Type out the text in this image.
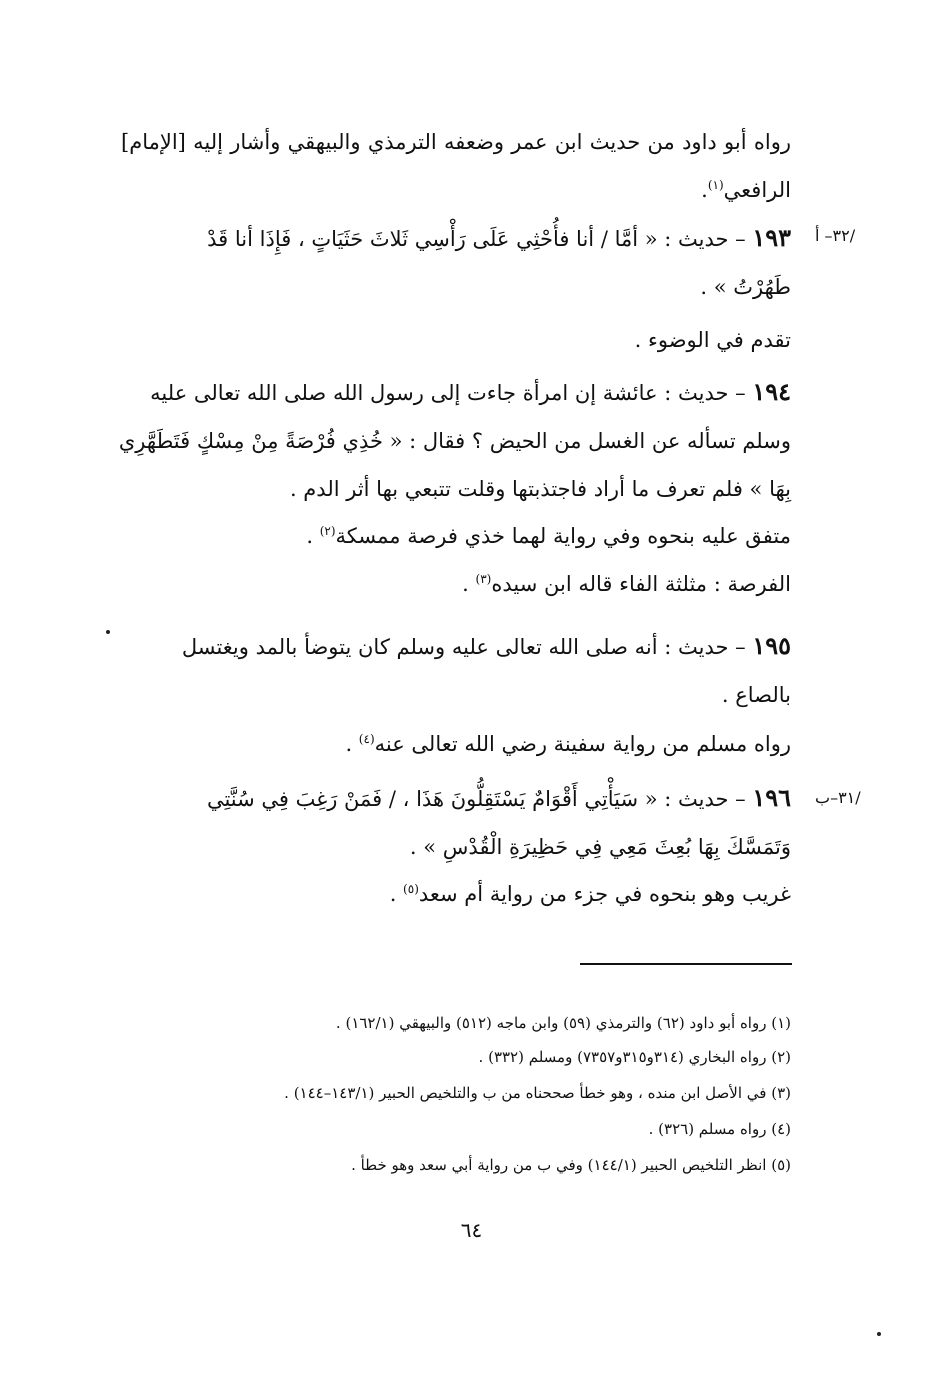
رواه أبو داود من حديث ابن عمر وضعفه الترمذي والبيهقي وأشار إليه [الإمام]
الرافعي$^{(١)}$.
/٣٢– أ
١٩٣ – حديث : « أمَّا / أنا فأُحْثِي عَلَى رَأْسِي ثَلاثَ حَثَيَاتٍ ، فَإِذَا أنا قَدْ
طَهُرْتُ » .
تقدم في الوضوء .
١٩٤ – حديث : عائشة إن امرأة جاءت إلى رسول الله صلى الله تعالى عليه
وسلم تسأله عن الغسل من الحيض ؟ فقال : « خُذِي فُرْصَةً مِنْ مِسْكٍ فَتَطَهَّرِي
بِهَا » فلم تعرف ما أراد فاجتذبتها وقلت تتبعي بها أثر الدم .
متفق عليه بنحوه وفي رواية لهما خذي فرصة ممسكة$^{(٢)}$ .
الفرصة : مثلثة الفاء قاله ابن سيده$^{(٣)}$ .
١٩٥ – حديث : أنه صلى الله تعالى عليه وسلم كان يتوضأ بالمد ويغتسل
بالصاع .
رواه مسلم من رواية سفينة رضي الله تعالى عنه$^{(٤)}$ .
/٣١–ب
١٩٦ – حديث : « سَيَأْتِي أَقْوَامٌ يَسْتَقِلُّونَ هَذَا ، / فَمَنْ رَغِبَ فِي سُنَّتِي
وَتَمَسَّكَ بِهَا بُعِثَ مَعِي فِي حَظِيرَةِ الْقُدْسِ » .
غريب وهو بنحوه في جزء من رواية أم سعد$^{(٥)}$ .
(١) رواه أبو داود (٦٢) والترمذي (٥٩) وابن ماجه (٥١٢) والبيهقي (١٦٢/١) .
(٢) رواه البخاري (٣١٤و٣١٥و٧٣٥٧) ومسلم (٣٣٢) .
(٣) في الأصل ابن منده ، وهو خطأ صححناه من ب والتلخيص الحبير (١٤٣/١–١٤٤) .
(٤) رواه مسلم (٣٢٦) .
(٥) انظر التلخيص الحبير (١٤٤/١) وفي ب من رواية أبي سعد وهو خطأ .
٦٤
